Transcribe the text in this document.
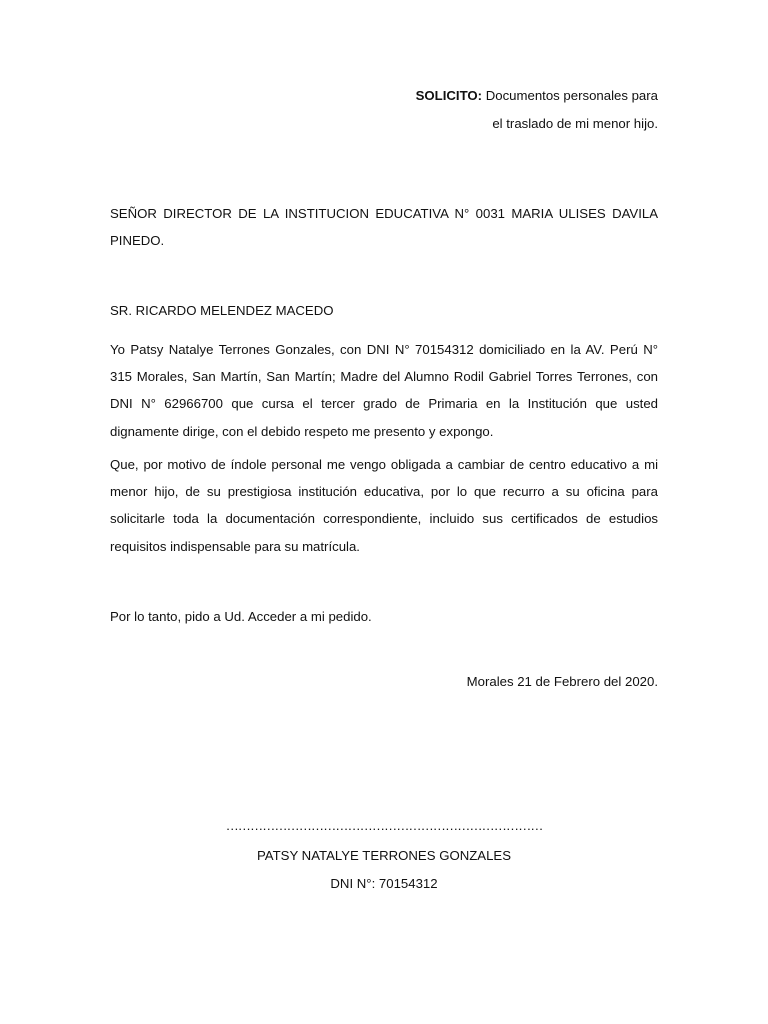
SOLICITO: Documentos personales para

el traslado de mi menor hijo.

SEÑOR DIRECTOR DE LA INSTITUCION EDUCATIVA N° 0031 MARIA ULISES DAVILA
PINEDO.

SR. RICARDO MELENDEZ MACEDO

Yo Patsy Natalye Terrones Gonzales, con DNI N° 70154312 domiciliado en la AV. Perú N° 315 Morales, San Martín, San Martín; Madre del Alumno Rodil Gabriel Torres Terrones, con DNI N° 62966700 que cursa el tercer grado de Primaria en la Institución que usted dignamente dirige, con el debido respeto me presento y expongo.

Que, por motivo de índole personal me vengo obligada a cambiar de centro educativo a mi menor hijo, de su prestigiosa institución educativa, por lo que recurro a su oficina para solicitarle toda la documentación correspondiente, incluido sus certificados de estudios requisitos indispensable para su matrícula.

Por lo tanto, pido a Ud. Acceder a mi pedido.

Morales 21 de Febrero del 2020.

……………………………………………………………………

PATSY NATALYE TERRONES GONZALES

DNI N°: 70154312
